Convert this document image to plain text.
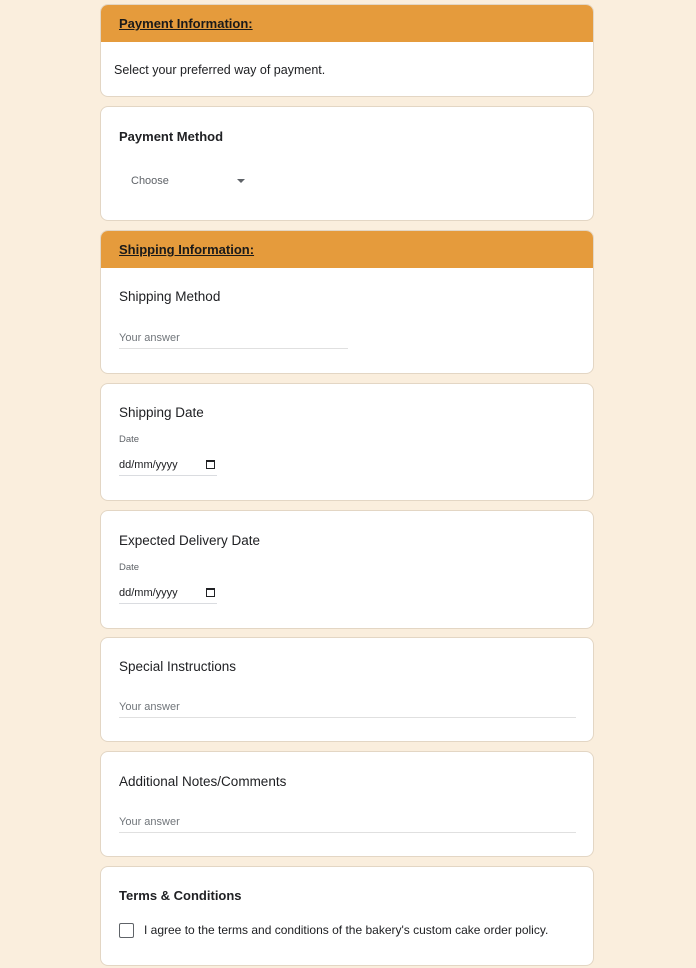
Payment Information:
Select your preferred way of payment.
Payment Method
Choose
Shipping Information:
Shipping Method
Your answer
Shipping Date
Date
dd/mm/yyyy
Expected Delivery Date
Date
dd/mm/yyyy
Special Instructions
Your answer
Additional Notes/Comments
Your answer
Terms & Conditions
I agree to the terms and conditions of the bakery's custom cake order policy.
